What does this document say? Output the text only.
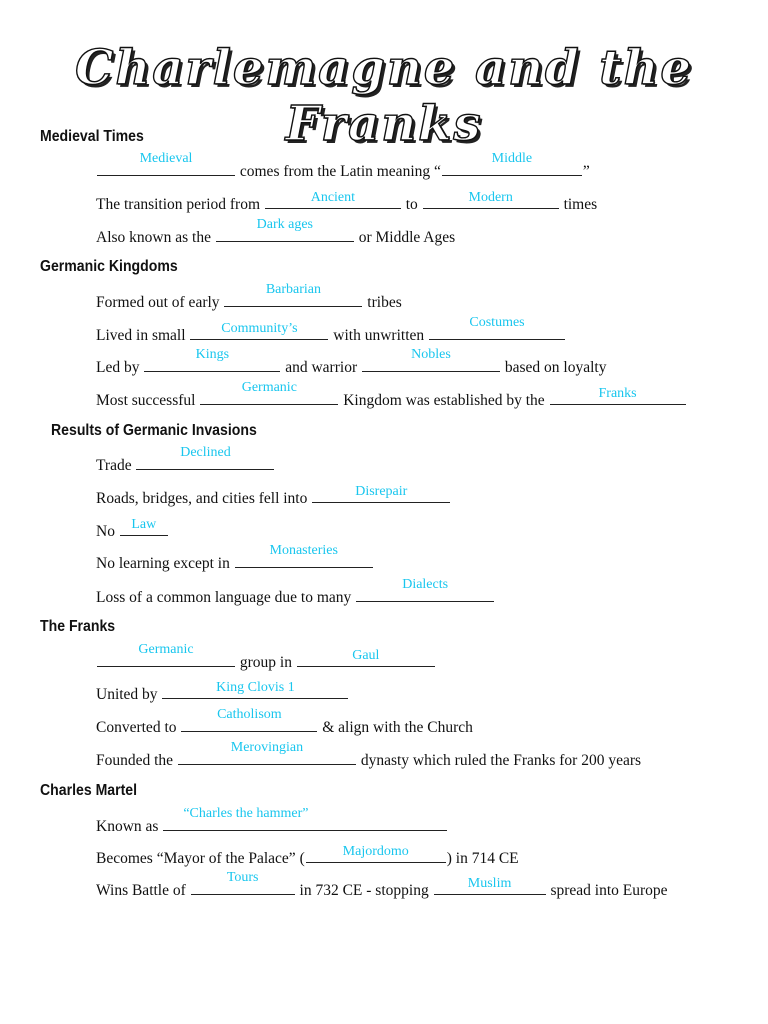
Charlemagne and the Franks
Medieval Times
Medieval
comes from the Latin meaning “
Middle
”
The transition period from	Ancient	to	Modern	times
Also known as the
Dark ages
or Middle Ages
Germanic Kingdoms
Formed out of early
Barbarian
tribes
Lived in small	Community’s	with unwritten
Costumes
Led by
Kings
and warrior
Nobles
based on loyalty
Most successful
Germanic
Kingdom was established by the	Franks
Results of Germanic Invasions
Trade
Declined
Roads, bridges, and cities fell into	Disrepair
No	Law
No learning except in
Monasteries
Loss of a common language due to many
Dialects
The Franks
Germanic
group in	Gaul
United by	King Clovis 1
Converted to
Catholisom
& align with the Church
Founded the
Merovingian
dynasty which ruled the Franks for 200 years
Charles Martel
Known as
“Charles the hammer”
Becomes “Mayor of the Palace” (	Majordomo	) in 714 CE
Wins Battle of
Tours
in 732 CE - stopping	Muslim	spread into Europe
